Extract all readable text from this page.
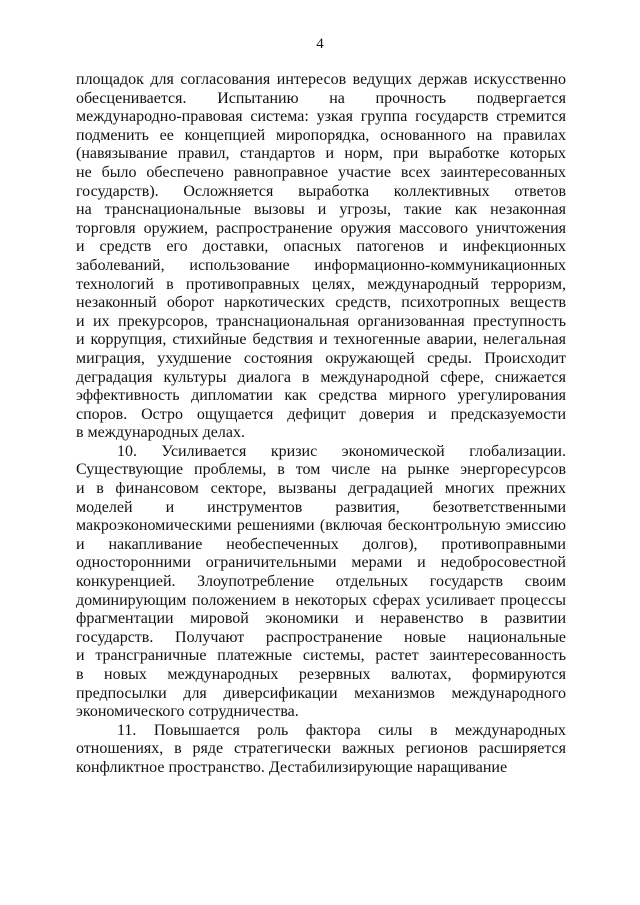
4
площадок для согласования интересов ведущих держав искусственно
обесценивается. Испытанию на прочность подвергается
международно-правовая система: узкая группа государств стремится
подменить ее концепцией миропорядка, основанного на правилах
(навязывание правил, стандартов и норм, при выработке которых
не было обеспечено равноправное участие всех заинтересованных
государств). Осложняется выработка коллективных ответов
на транснациональные вызовы и угрозы, такие как незаконная
торговля оружием, распространение оружия массового уничтожения
и средств его доставки, опасных патогенов и инфекционных
заболеваний, использование информационно-коммуникационных
технологий в противоправных целях, международный терроризм,
незаконный оборот наркотических средств, психотропных веществ
и их прекурсоров, транснациональная организованная преступность
и коррупция, стихийные бедствия и техногенные аварии, нелегальная
миграция, ухудшение состояния окружающей среды. Происходит
деградация культуры диалога в международной сфере, снижается
эффективность дипломатии как средства мирного урегулирования
споров. Остро ощущается дефицит доверия и предсказуемости
в международных делах.
10. Усиливается кризис экономической глобализации.
Существующие проблемы, в том числе на рынке энергоресурсов
и в финансовом секторе, вызваны деградацией многих прежних
моделей и инструментов развития, безответственными
макроэкономическими решениями (включая бесконтрольную эмиссию
и накапливание необеспеченных долгов), противоправными
односторонними ограничительными мерами и недобросовестной
конкуренцией. Злоупотребление отдельных государств своим
доминирующим положением в некоторых сферах усиливает процессы
фрагментации мировой экономики и неравенство в развитии
государств. Получают распространение новые национальные
и трансграничные платежные системы, растет заинтересованность
в новых международных резервных валютах, формируются
предпосылки для диверсификации механизмов международного
экономического сотрудничества.
11. Повышается роль фактора силы в международных
отношениях, в ряде стратегически важных регионов расширяется
конфликтное пространство. Дестабилизирующие наращивание
